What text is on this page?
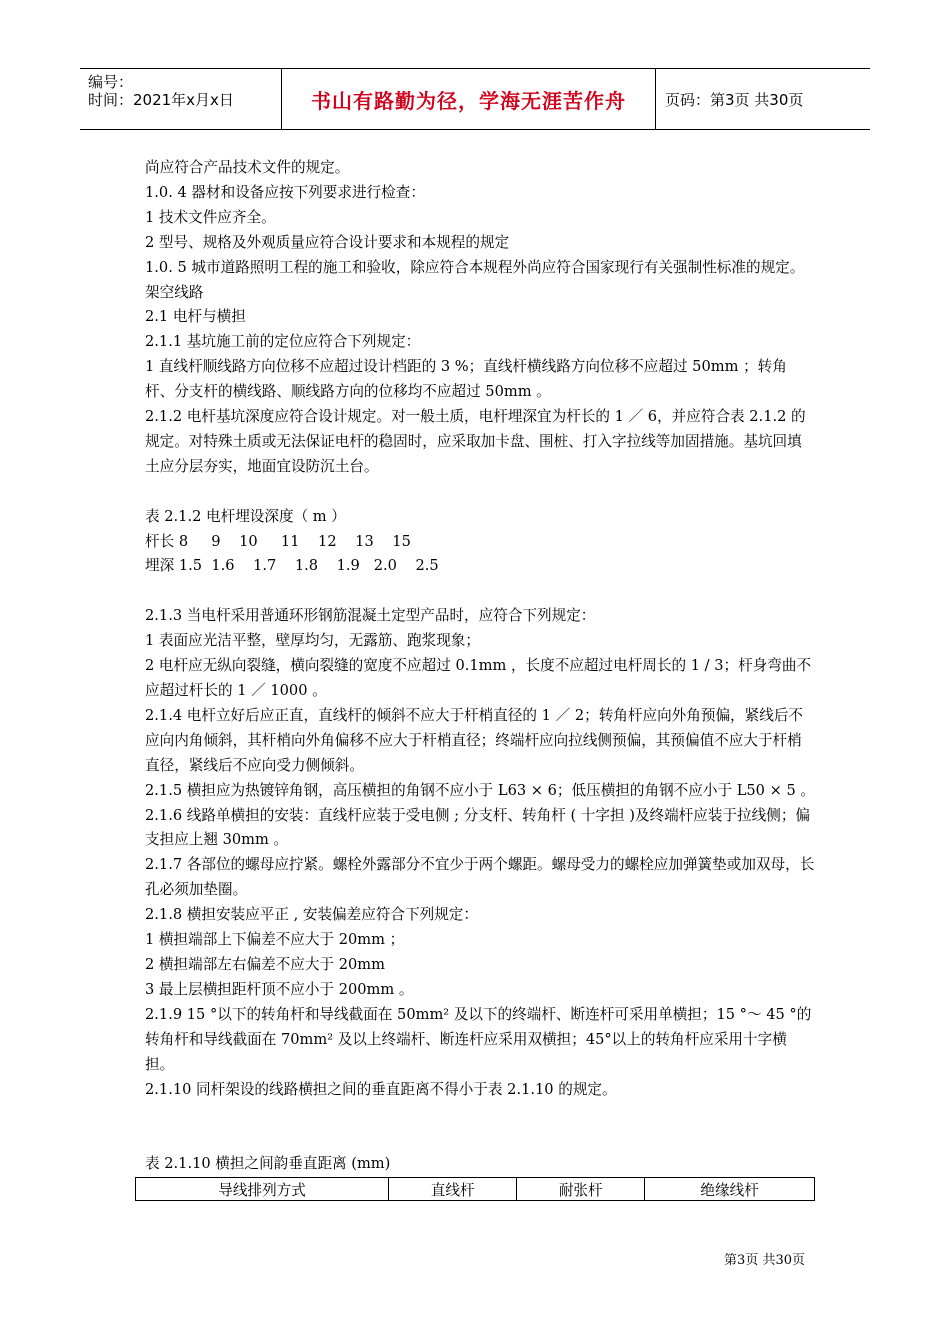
编号：
时间：2021年x月x日	书山有路勤为径，学海无涯苦作舟	页码：第3页 共30页

尚应符合产品技术文件的规定。

1.0. 4 器材和设备应按下列要求进行检查：

1 技术文件应齐全。

2 型号、规格及外观质量应符合设计要求和本规程的规定

1.0. 5 城市道路照明工程的施工和验收，除应符合本规程外尚应符合国家现行有关强制性标准的规定。

架空线路

2.1 电杆与横担

2.1.1 基坑施工前的定位应符合下列规定：

1 直线杆顺线路方向位移不应超过设计档距的 3 %；直线杆横线路方向位移不应超过 50mm ；转角杆、分支杆的横线路、顺线路方向的位移均不应超过 50mm 。

2.1.2 电杆基坑深度应符合设计规定。对一般土质，电杆埋深宜为杆长的 1 ／ 6，并应符合表 2.1.2 的规定。对特殊土质或无法保证电杆的稳固时，应采取加卡盘、围桩、打入字拉线等加固措施。基坑回填土应分层夯实，地面宜设防沉土台。

表 2.1.2 电杆埋设深度（ m ）

杆长 8     9    10     11    12    13    15

埋深 1.5  1.6    1.7    1.8    1.9   2.0    2.5

2.1.3 当电杆采用普通环形钢筋混凝土定型产品时，应符合下列规定：

1 表面应光洁平整，壁厚均匀，无露筋、跑浆现象；

2 电杆应无纵向裂缝，横向裂缝的宽度不应超过 0.1mm ，长度不应超过电杆周长的 1 / 3；杆身弯曲不应超过杆长的 1 ／ 1000 。

2.1.4 电杆立好后应正直，直线杆的倾斜不应大于杆梢直径的 1 ／ 2；转角杆应向外角预偏，紧线后不应向内角倾斜，其杆梢向外角偏移不应大于杆梢直径；终端杆应向拉线侧预偏，其预偏值不应大于杆梢直径，紧线后不应向受力侧倾斜。

2.1.5 横担应为热镀锌角钢，高压横担的角钢不应小于 L63 × 6；低压横担的角钢不应小于 L50 × 5 。

2.1.6 线路单横担的安装：直线杆应装于受电侧 ; 分支杆、转角杆 ( 十字担 )及终端杆应装于拉线侧；偏支担应上翘 30mm 。

2.1.7 各部位的螺母应拧紧。螺栓外露部分不宜少于两个螺距。螺母受力的螺栓应加弹簧垫或加双母，长孔必须加垫圈。

2.1.8 横担安装应平正 , 安装偏差应符合下列规定：

1 横担端部上下偏差不应大于 20mm ；

2 横担端部左右偏差不应大于 20mm

3 最上层横担距杆顶不应小于 200mm 。

2.1.9 15 °以下的转角杆和导线截面在 50mm² 及以下的终端杆、断连杆可采用单横担；15 °～ 45 °的转角杆和导线截面在 70mm² 及以上终端杆、断连杆应采用双横担；45°以上的转角杆应采用十字横担。

2.1.10 同杆架设的线路横担之间的垂直距离不得小于表 2.1.10 的规定。

表 2.1.10 横担之间韵垂直距离 (mm)
导线排列方式	直线杆	耐张杆	绝缘线杆
第3页 共30页
